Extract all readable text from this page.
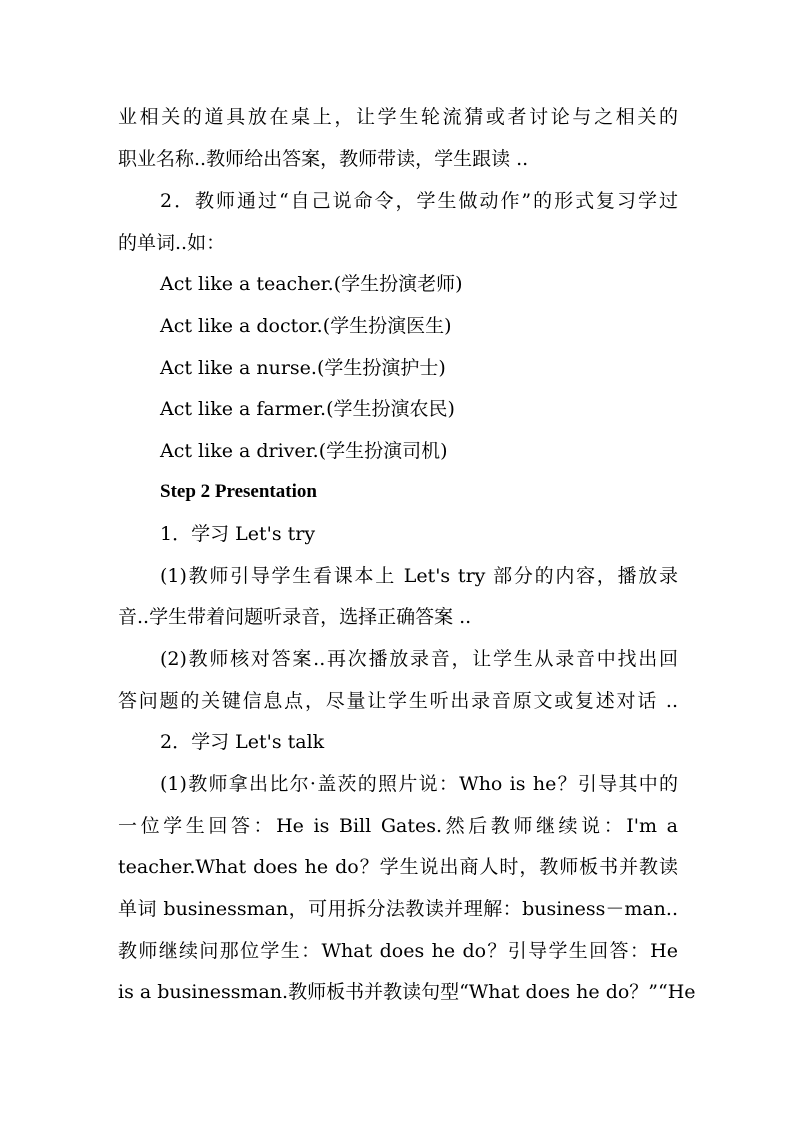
业相关的道具放在桌上，让学生轮流猜或者讨论与之相关的
职业名称..教师给出答案，教师带读，学生跟读 ..
2．教师通过“自己说命令，学生做动作”的形式复习学过
的单词..如：
Act like a teacher.(学生扮演老师)
Act like a doctor.(学生扮演医生)
Act like a nurse.(学生扮演护士)
Act like a farmer.(学生扮演农民)
Act like a driver.(学生扮演司机)
Step 2 Presentation
1．学习 Let's try
(1)教师引导学生看课本上 Let's try 部分的内容，播放录
音..学生带着问题听录音，选择正确答案 ..
(2)教师核对答案..再次播放录音，让学生从录音中找出回
答问题的关键信息点，尽量让学生听出录音原文或复述对话 ..
2．学习 Let's talk
(1)教师拿出比尔·盖茨的照片说：Who is he？引导其中的
一位学生回答：He is Bill Gates.然后教师继续说：I'm a
teacher.What does he do？学生说出商人时，教师板书并教读
单词 businessman，可用拆分法教读并理解：business－man..
教师继续问那位学生：What does he do？引导学生回答：He
is a businessman.教师板书并教读句型“What does he do？”“He
